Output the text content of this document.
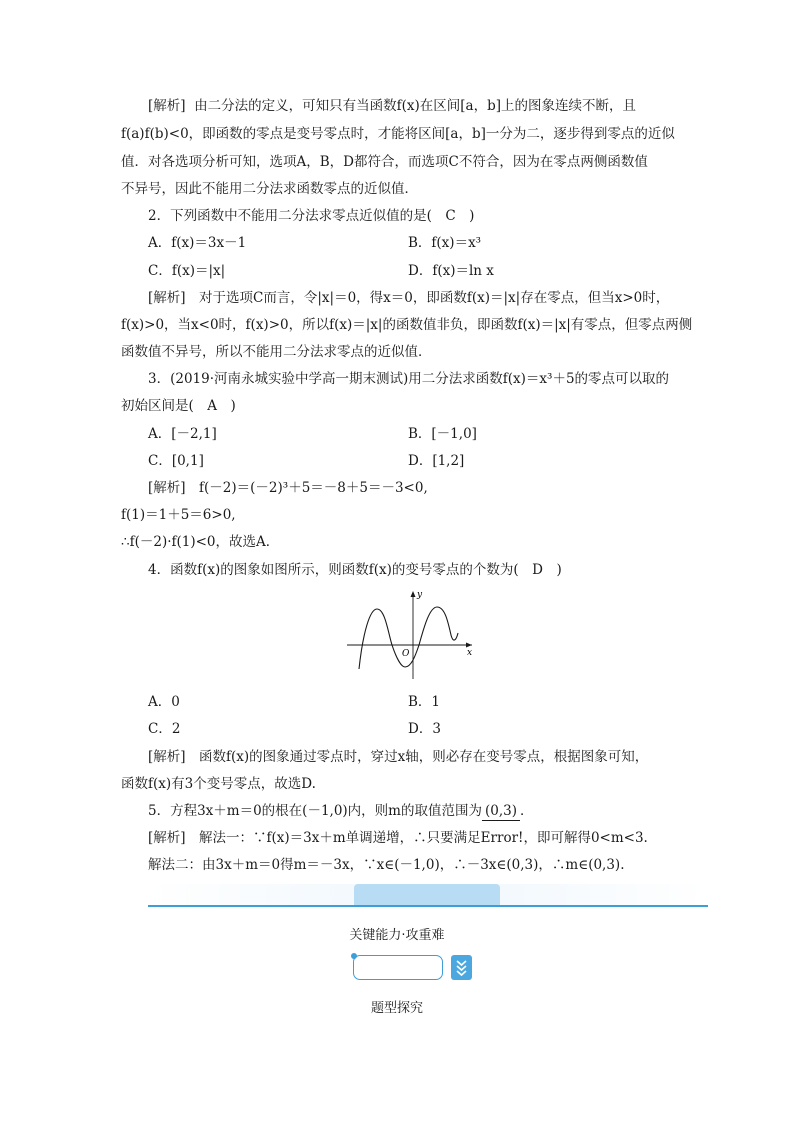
[解析] 由二分法的定义，可知只有当函数f(x)在区间[a，b]上的图象连续不断，且
f(a)f(b)<0，即函数的零点是变号零点时，才能将区间[a，b]一分为二，逐步得到零点的近似
值．对各选项分析可知，选项A，B，D都符合，而选项C不符合，因为在零点两侧函数值
不异号，因此不能用二分法求函数零点的近似值．
2．下列函数中不能用二分法求零点近似值的是(　C　)
A．f(x)＝3x－1	B．f(x)＝x³
C．f(x)＝|x|	D．f(x)＝ln x
[解析]　对于选项C而言，令|x|＝0，得x＝0，即函数f(x)＝|x|存在零点，但当x>0时，
f(x)>0，当x<0时，f(x)>0，所以f(x)＝|x|的函数值非负，即函数f(x)＝|x|有零点，但零点两侧
函数值不异号，所以不能用二分法求零点的近似值．
3．(2019·河南永城实验中学高一期末测试)用二分法求函数f(x)＝x³＋5的零点可以取的
初始区间是(　A　)
A．[－2,1]	B．[－1,0]
C．[0,1]	D．[1,2]
[解析]　f(－2)＝(－2)³＋5＝－8＋5＝－3<0,
f(1)＝1＋5＝6>0,
∴f(－2)·f(1)<0，故选A．
4．函数f(x)的图象如图所示，则函数f(x)的变号零点的个数为(　D　)
y
x
O
A．0	B．1
C．2	D．3
[解析]　函数f(x)的图象通过零点时，穿过x轴，则必存在变号零点，根据图象可知，
函数f(x)有3个变号零点，故选D.
5．方程3x＋m＝0的根在(－1,0)内，则m的取值范围为 (0,3) ．
[解析]　解法一：∵f(x)＝3x＋m单调递增，∴只要满足Error!，即可解得0<m<3.
解法二：由3x＋m＝0得m＝－3x，∵x∈(－1,0)，∴－3x∈(0,3)，∴m∈(0,3).
关键能力·攻重难
题型探究
